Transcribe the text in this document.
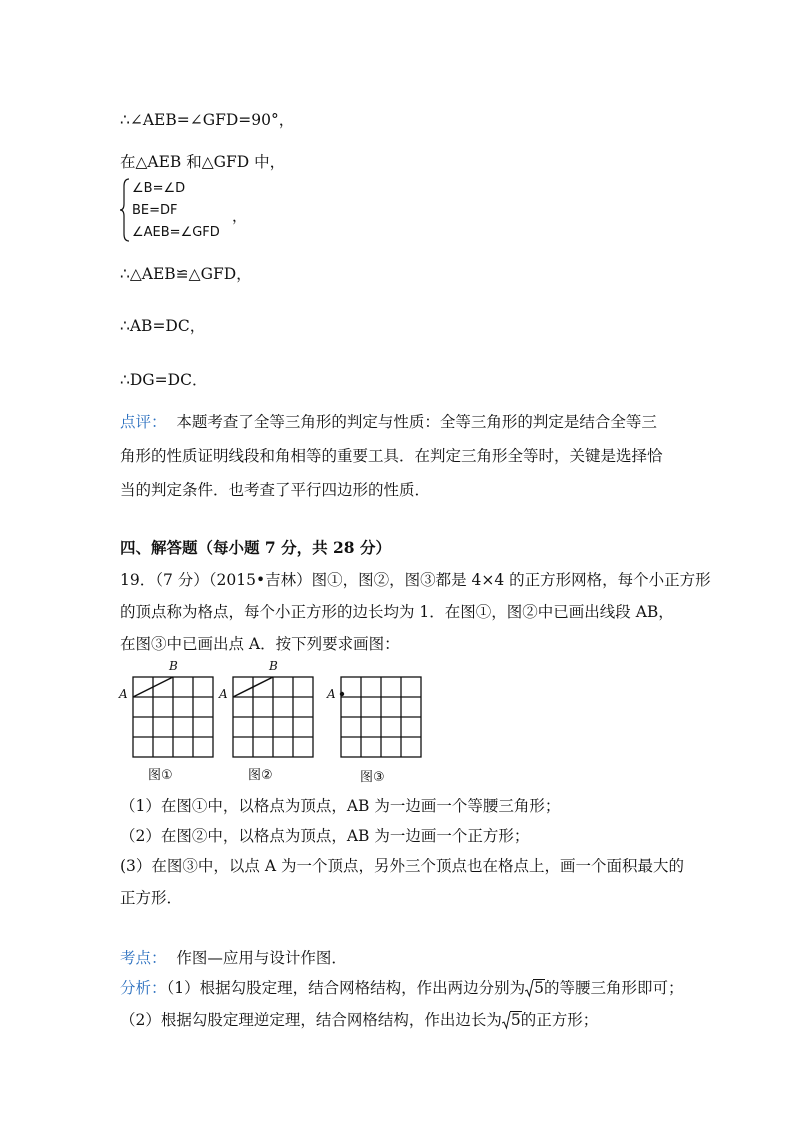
∴∠AEB=∠GFD=90°，
在△AEB 和△GFD 中，
∠B=∠D
BE=DF
∠AEB=∠GFD
，
∴△AEB≌△GFD，
∴AB=DC，
∴DG=DC．
点评： 本题考查了全等三角形的判定与性质：全等三角形的判定是结合全等三
角形的性质证明线段和角相等的重要工具．在判定三角形全等时，关键是选择恰
当的判定条件．也考查了平行四边形的性质．
四、解答题（每小题 7 分，共 28 分）
19．（7 分）（2015•吉林）图①，图②，图③都是 4×4 的正方形网格，每个小正方形
的顶点称为格点，每个小正方形的边长均为 1．在图①，图②中已画出线段 AB，
在图③中已画出点 A．按下列要求画图：
A
B
图①
A
B
图②
A
图③
（1）在图①中，以格点为顶点，AB 为一边画一个等腰三角形；
（2）在图②中，以格点为顶点，AB 为一边画一个正方形；
(3）在图③中，以点 A 为一个顶点，另外三个顶点也在格点上，画一个面积最大的
正方形．
考点： 作图—应用与设计作图．
分析：（1）根据勾股定理，结合网格结构，作出两边分别为 5的等腰三角形即可；
（2）根据勾股定理逆定理，结合网格结构，作出边长为 5的正方形；
